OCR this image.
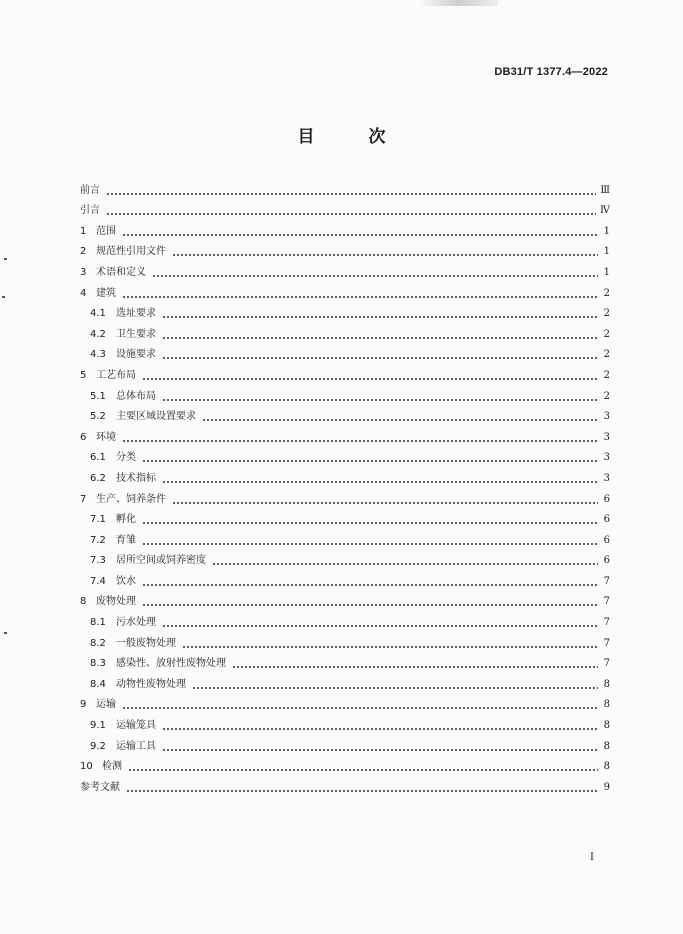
DB31/T 1377.4—2022
目 次
前言	Ⅲ
引言	Ⅳ
1 范围	1
2 规范性引用文件	1
3 术语和定义	1
4 建筑	2
4.1	选址要求	2
4.2	卫生要求	2
4.3	设施要求	2
5 工艺布局	2
5.1	总体布局	2
5.2	主要区域设置要求	3
6 环境	3
6.1	分类	3
6.2	技术指标	3
7 生产、饲养条件	6
7.1	孵化	6
7.2	育雏	6
7.3	居所空间或饲养密度	6
7.4	饮水	7
8 废物处理	7
8.1	污水处理	7
8.2	一般废物处理	7
8.3	感染性、放射性废物处理	7
8.4	动物性废物处理	8
9 运输	8
9.1	运输笼具	8
9.2	运输工具	8
10 检测	8
参考文献	9
I
